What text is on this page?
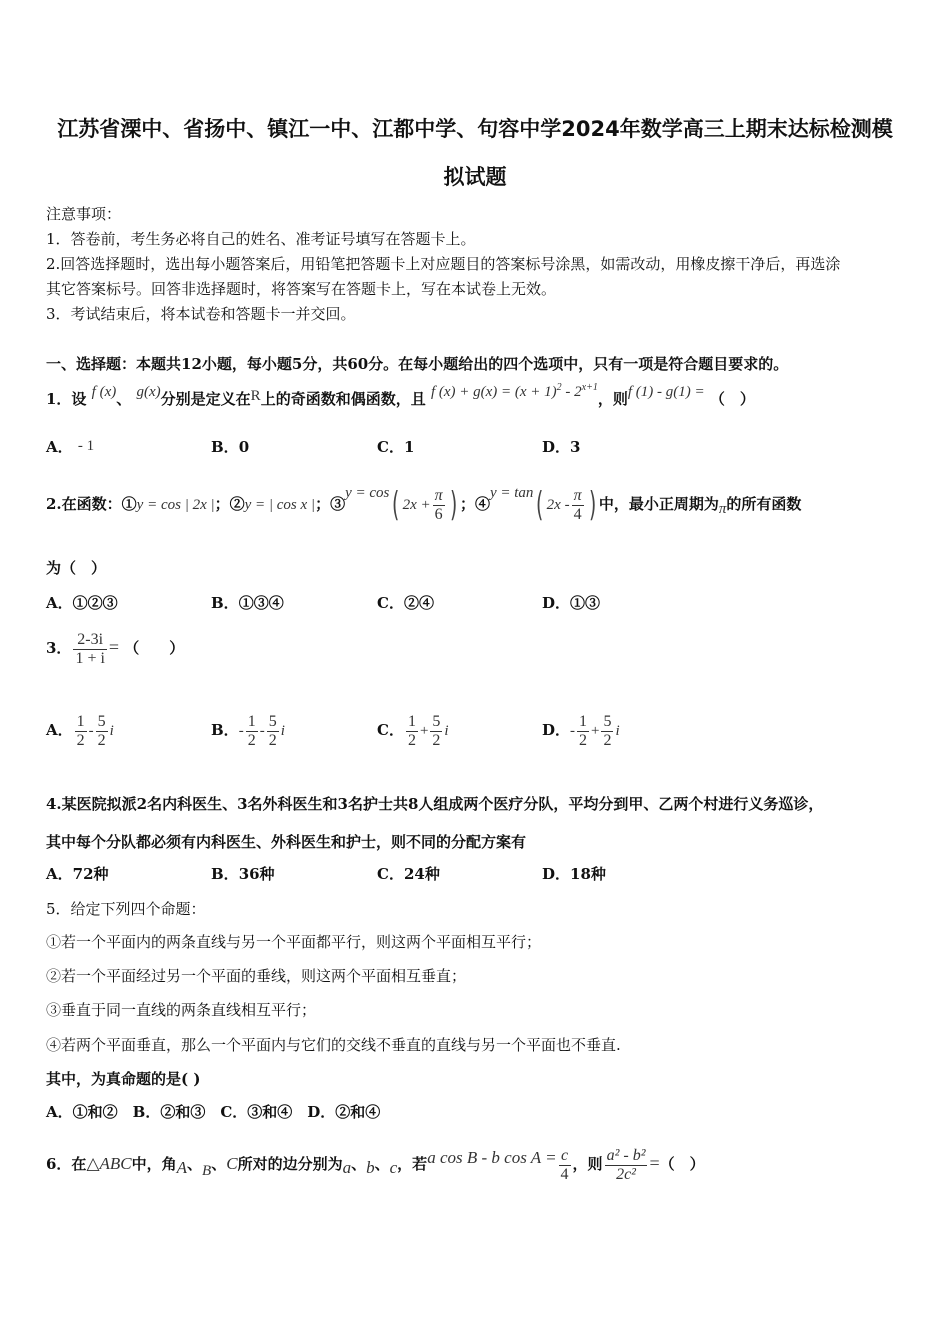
江苏省溧中、省扬中、镇江一中、江都中学、句容中学2024年数学高三上期末达标检测模
拟试题
注意事项：
1．答卷前，考生务必将自己的姓名、准考证号填写在答题卡上。
2.回答选择题时，选出每小题答案后，用铅笔把答题卡上对应题目的答案标号涂黑，如需改动，用橡皮擦干净后，再选涂
其它答案标号。回答非选择题时，将答案写在答题卡上，写在本试卷上无效。
3．考试结束后，将本试卷和答题卡一并交回。
一、选择题：本题共12小题，每小题5分，共60分。在每小题给出的四个选项中，只有一项是符合题目要求的。
1．设 f (x)、 g(x)分别是定义在R上的奇函数和偶函数，且 f $(x) + g(x) = (x + 1)^2 - 2^{x+1}$，则f (1) - g(1) = （　）
A． - 1	B．0	C．1	D．3
2.在函数：①y = cos | 2x |；②y = | cos x |；③y = cos( $2x + \frac{\pi}{6}$ ) ；④y = tan( $2x - \frac{\pi}{4}$ ) 中，最小正周期为π的所有函数
为（　）
A．①②③	B．①③④	C．②④	D．①③
3． $\frac{2-3i}{1 + i}$ = （　　）
A． $\frac{1}{2} - \frac{5}{2}$ i	B．- $\frac{1}{2} - \frac{5}{2}$ i	C． $\frac{1}{2} + \frac{5}{2}$ i	D．- $\frac{1}{2} + \frac{5}{2}$ i
4.某医院拟派2名内科医生、3名外科医生和3名护士共8人组成两个医疗分队，平均分到甲、乙两个村进行义务巡诊，
其中每个分队都必须有内科医生、外科医生和护士，则不同的分配方案有
A．72种	B．36种	C．24种	D．18种
5．给定下列四个命题：
①若一个平面内的两条直线与另一个平面都平行，则这两个平面相互平行；
②若一个平面经过另一个平面的垂线，则这两个平面相互垂直；
③垂直于同一直线的两条直线相互平行；
④若两个平面垂直，那么一个平面内与它们的交线不垂直的直线与另一个平面也不垂直.
其中，为真命题的是( )
A．①和②　B．②和③　C．③和④　D．②和④
6．在△ABC中，角A、B、C所对的边分别为a、b、c，若a cos B - b $\cos A = \frac{c}{4}$ ，则 $\frac{\text{a² - b²}}{\text{2c²}}$ =（　）
